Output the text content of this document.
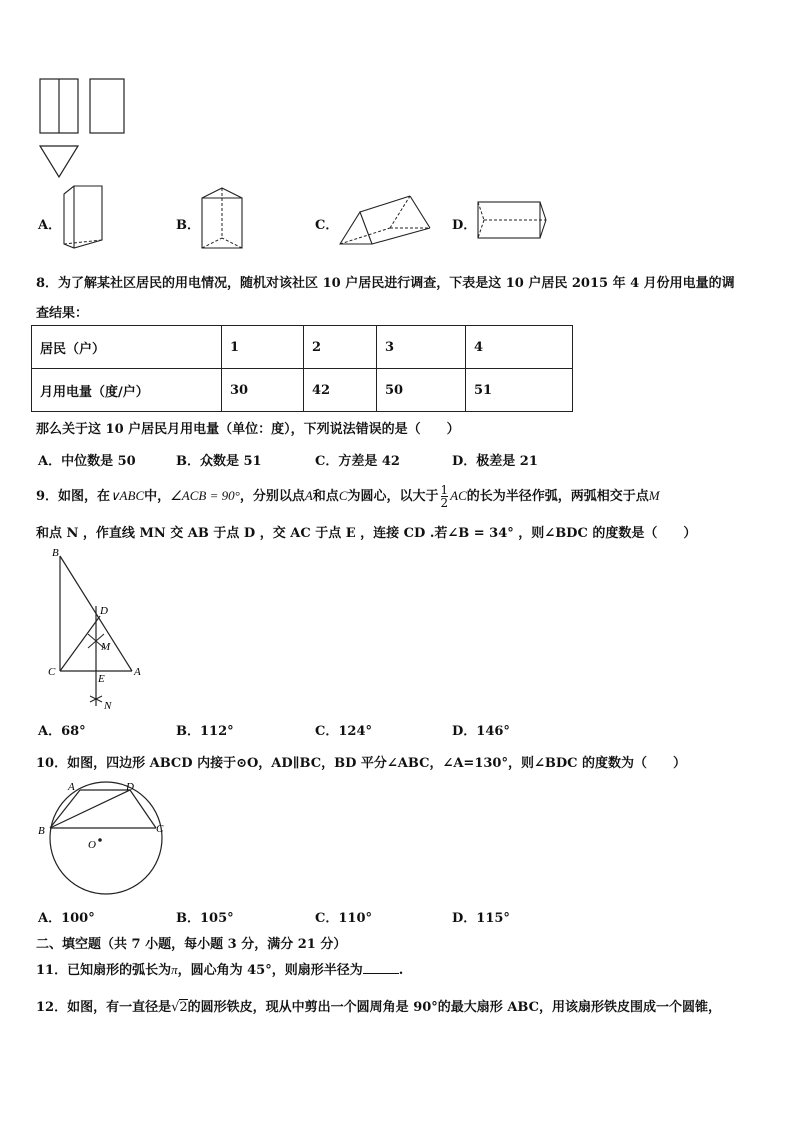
A．	B．	C．	D．
8．为了解某社区居民的用电情况，随机对该社区 10 户居民进行调查，下表是这 10 户居民 2015 年 4 月份用电量的调
查结果：
居民（户）	1	2	3	4
月用电量（度/户）	30	42	50	51
那么关于这 10 户居民月用电量（单位：度），下列说法错误的是（　　）
A．中位数是 50	B．众数是 51	C．方差是 42	D．极差是 21
9．如图，在∨ABC中，∠ACB = 90°，分别以点A和点C为圆心，以大于 $\frac{1}{2}$ AC的长为半径作弧，两弧相交于点M
和点 N ，作直线 MN 交 AB 于点 D ，交 AC 于点 E ，连接 CD .若∠B = 34° ，则∠BDC 的度数是（　　）
B
D
M
C	A
E
N
A．68°	B．112°	C．124°	D．146°
10．如图，四边形 ABCD 内接于⊙O，AD∥BC，BD 平分∠ABC，∠A=130°，则∠BDC 的度数为（　　）
A	D
B	C
O
A．100°	B．105°	C．110°	D．115°
二、填空题（共 7 小题，每小题 3 分，满分 21 分）
11．已知扇形的弧长为π，圆心角为 45°，则扇形半径为	.
12．如图，有一直径是√2的圆形铁皮，现从中剪出一个圆周角是 90°的最大扇形 ABC，用该扇形铁皮围成一个圆锥，
